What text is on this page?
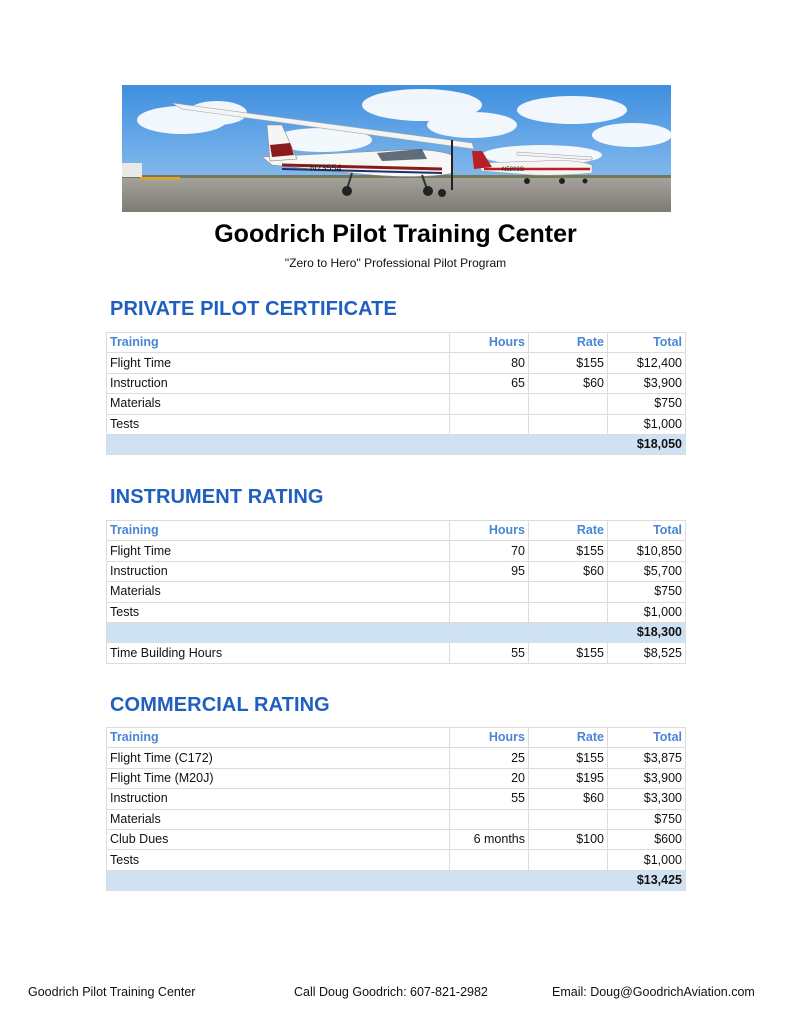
N73554	N5803G
Goodrich Pilot Training Center
"Zero to Hero" Professional Pilot Program
PRIVATE PILOT CERTIFICATE
Training	Hours	Rate	Total
Flight Time	80	$155	$12,400
Instruction	65	$60	$3,900
Materials			$750
Tests			$1,000
			$18,050
INSTRUMENT RATING
Training	Hours	Rate	Total
Flight Time	70	$155	$10,850
Instruction	95	$60	$5,700
Materials			$750
Tests			$1,000
			$18,300
Time Building Hours	55	$155	$8,525
COMMERCIAL RATING
Training	Hours	Rate	Total
Flight Time (C172)	25	$155	$3,875
Flight Time (M20J)	20	$195	$3,900
Instruction	55	$60	$3,300
Materials			$750
Club Dues	6 months	$100	$600
Tests			$1,000
			$13,425
Goodrich Pilot Training Center	Call Doug Goodrich: 607-821-2982	Email: Doug@GoodrichAviation.com
